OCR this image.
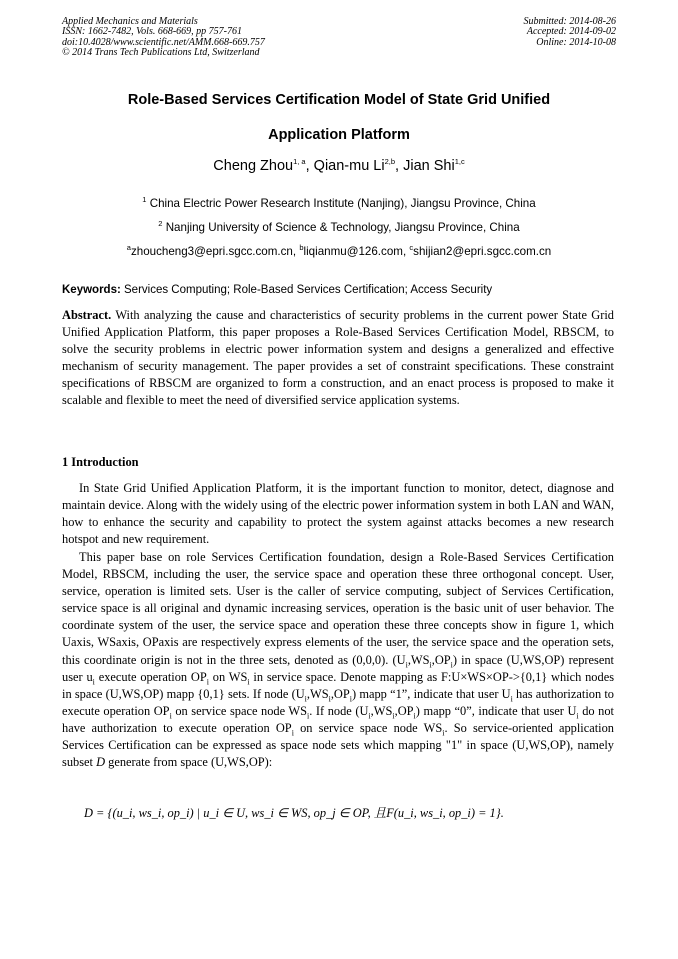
Applied Mechanics and Materials
ISSN: 1662-7482, Vols. 668-669, pp 757-761
doi:10.4028/www.scientific.net/AMM.668-669.757
© 2014 Trans Tech Publications Ltd, Switzerland
Submitted: 2014-08-26
Accepted: 2014-09-02
Online: 2014-10-08
Role-Based Services Certification Model of State Grid Unified
Application Platform
Cheng Zhou$^{1, a}$, Qian-mu Li$^{2,b}$, Jian Shi$^{1,c}$
$^1$ China Electric Power Research Institute (Nanjing), Jiangsu Province, China
$^2$ Nanjing University of Science & Technology, Jiangsu Province, China
$^a$zhoucheng3@epri.sgcc.com.cn, $^b$liqianmu@126.com, $^c$shijian2@epri.sgcc.com.cn
Keywords: Services Computing; Role-Based Services Certification; Access Security
Abstract. With analyzing the cause and characteristics of security problems in the current power State Grid Unified Application Platform, this paper proposes a Role-Based Services Certification Model, RBSCM, to solve the security problems in electric power information system and designs a generalized and effective mechanism of security management. The paper provides a set of constraint specifications. These constraint specifications of RBSCM are organized to form a construction, and an enact process is proposed to make it scalable and flexible to meet the need of diversified service application systems.
1 Introduction
In State Grid Unified Application Platform, it is the important function to monitor, detect, diagnose and maintain device. Along with the widely using of the electric power information system in both LAN and WAN, how to enhance the security and capability to protect the system against attacks becomes a new research hotspot and new requirement.
This paper base on role Services Certification foundation, design a Role-Based Services Certification Model, RBSCM, including the user, the service space and operation these three orthogonal concept. User, service, operation is limited sets. User is the caller of service computing, subject of Services Certification, service space is all original and dynamic increasing services, operation is the basic unit of user behavior. The coordinate system of the user, the service space and operation these three concepts show in figure 1, which Uaxis, WSaxis, OPaxis are respectively express elements of the user, the service space and the operation sets, this coordinate origin is not in the three sets, denoted as (0,0,0). $(U_i,WS_i,OP_i)$ in space (U,WS,OP) represent user $u_i$ execute operation $OP_i$ on $WS_i$ in service space. Denote mapping as F:U×WS×OP->{0,1} which nodes in space (U,WS,OP) mapp {0,1} sets. If node $(U_i,WS_i,OP_i)$ mapp “1”, indicate that user $U_i$ has authorization to execute operation $OP_i$ on service space node $WS_i$. If node $(U_i,WS_i,OP_i)$ mapp “0”, indicate that user $U_i$ do not have authorization to execute operation $OP_i$ on service space node $WS_i$. So service-oriented application Services Certification can be expressed as space node sets which mapping "1" in space (U,WS,OP), namely subset D generate from space (U,WS,OP):
D = {(u_i, ws_i, op_i) | u_i ∈ U, ws_i ∈ WS, op_j ∈ OP, 且F(u_i, ws_i, op_i) = 1}.
